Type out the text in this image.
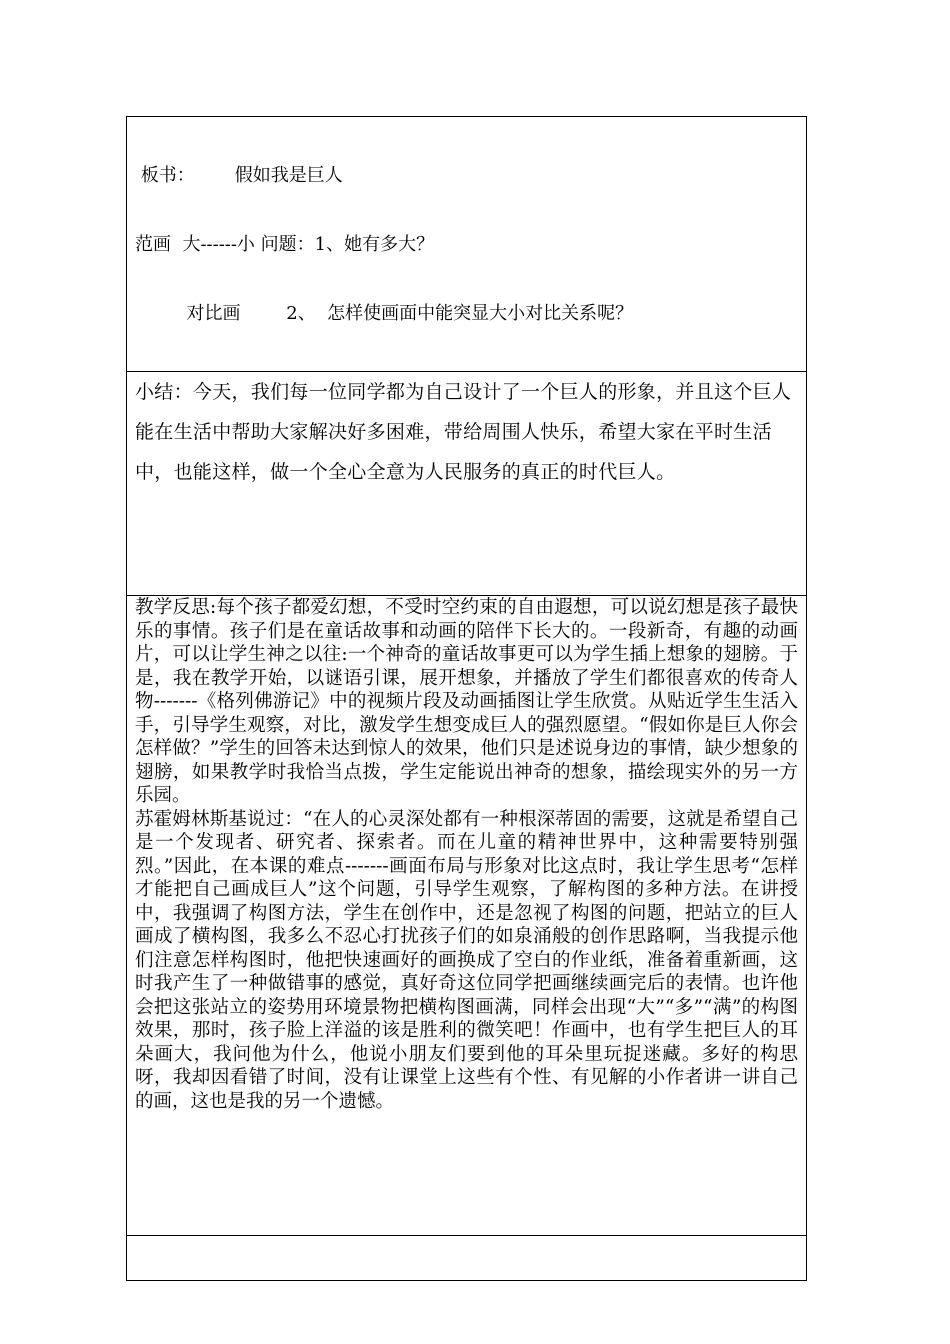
板书：       假如我是巨人

范画  大------小 问题：1、她有多大？

对比画        2、  怎样使画面中能突显大小对比关系呢？

小结：今天，我们每一位同学都为自己设计了一个巨人的形象，并且这个巨人能在生活中帮助大家解决好多困难，带给周围人快乐，希望大家在平时生活中，也能这样，做一个全心全意为人民服务的真正的时代巨人。

教学反思:每个孩子都爱幻想，不受时空约束的自由遐想，可以说幻想是孩子最快乐的事情。孩子们是在童话故事和动画的陪伴下长大的。一段新奇，有趣的动画片，可以让学生神之以往:一个神奇的童话故事更可以为学生插上想象的翅膀。于是，我在教学开始，以谜语引课，展开想象，并播放了学生们都很喜欢的传奇人物-------《格列佛游记》中的视频片段及动画插图让学生欣赏。从贴近学生生活入手，引导学生观察，对比，激发学生想变成巨人的强烈愿望。“假如你是巨人你会怎样做？”学生的回答未达到惊人的效果，他们只是述说身边的事情，缺少想象的翅膀，如果教学时我恰当点拨，学生定能说出神奇的想象，描绘现实外的另一方乐园。

苏霍姆林斯基说过：“在人的心灵深处都有一种根深蒂固的需要，这就是希望自己是一个发现者、研究者、探索者。而在儿童的精神世界中，这种需要特别强烈。”因此，在本课的难点-------画面布局与形象对比这点时，我让学生思考“怎样才能把自己画成巨人”这个问题，引导学生观察，了解构图的多种方法。在讲授中，我强调了构图方法，学生在创作中，还是忽视了构图的问题，把站立的巨人画成了横构图，我多么不忍心打扰孩子们的如泉涌般的创作思路啊，当我提示他们注意怎样构图时，他把快速画好的画换成了空白的作业纸，准备着重新画，这时我产生了一种做错事的感觉，真好奇这位同学把画继续画完后的表情。也许他会把这张站立的姿势用环境景物把横构图画满，同样会出现“大”“多”“满”的构图效果，那时，孩子脸上洋溢的该是胜利的微笑吧！作画中，也有学生把巨人的耳朵画大，我问他为什么，他说小朋友们要到他的耳朵里玩捉迷藏。多好的构思呀，我却因看错了时间，没有让课堂上这些有个性、有见解的小作者讲一讲自己的画，这也是我的另一个遗憾。
